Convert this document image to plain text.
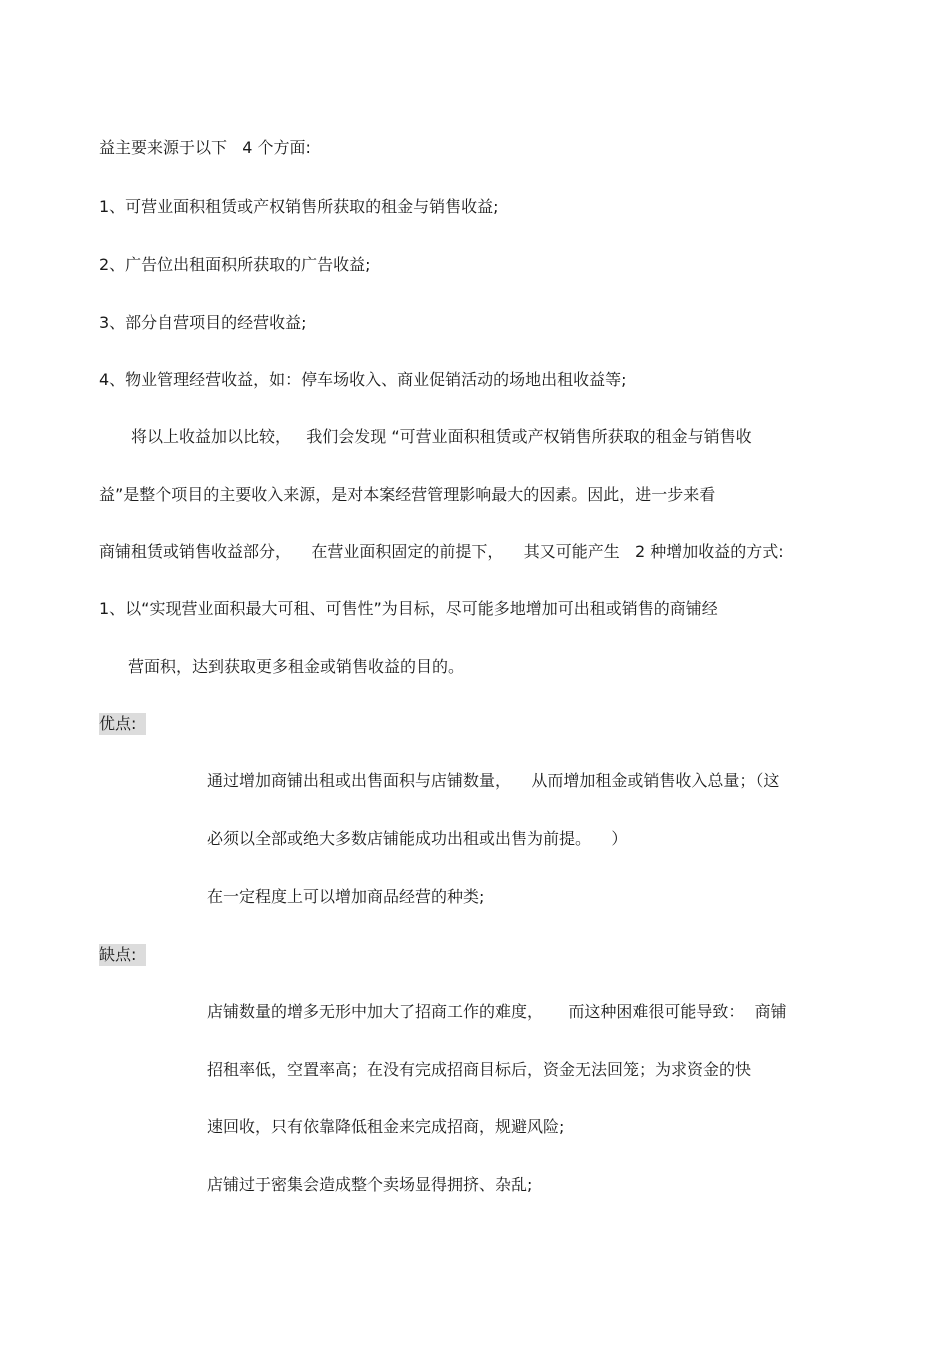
益主要来源于以下   4 个方面:
1、可营业面积租赁或产权销售所获取的租金与销售收益;
2、广告位出租面积所获取的广告收益;
3、部分自营项目的经营收益;
4、物业管理经营收益，如：停车场收入、商业促销活动的场地出租收益等;
将以上收益加以比较，   我们会发现 “可营业面积租赁或产权销售所获取的租金与销售收
益”是整个项目的主要收入来源，是对本案经营管理影响最大的因素。因此，进一步来看
商铺租赁或销售收益部分，    在营业面积固定的前提下，    其又可能产生   2 种增加收益的方式:
1、以“实现营业面积最大可租、可售性”为目标，尽可能多地增加可出租或销售的商铺经
营面积，达到获取更多租金或销售收益的目的。
优点:
通过增加商铺出租或出售面积与店铺数量，    从而增加租金或销售收入总量；（这
必须以全部或绝大多数店铺能成功出租或出售为前提。    ）
在一定程度上可以增加商品经营的种类;
缺点:
店铺数量的增多无形中加大了招商工作的难度，     而这种困难很可能导致：  商铺
招租率低，空置率高；在没有完成招商目标后，资金无法回笼；为求资金的快
速回收，只有依靠降低租金来完成招商，规避风险;
店铺过于密集会造成整个卖场显得拥挤、杂乱;
